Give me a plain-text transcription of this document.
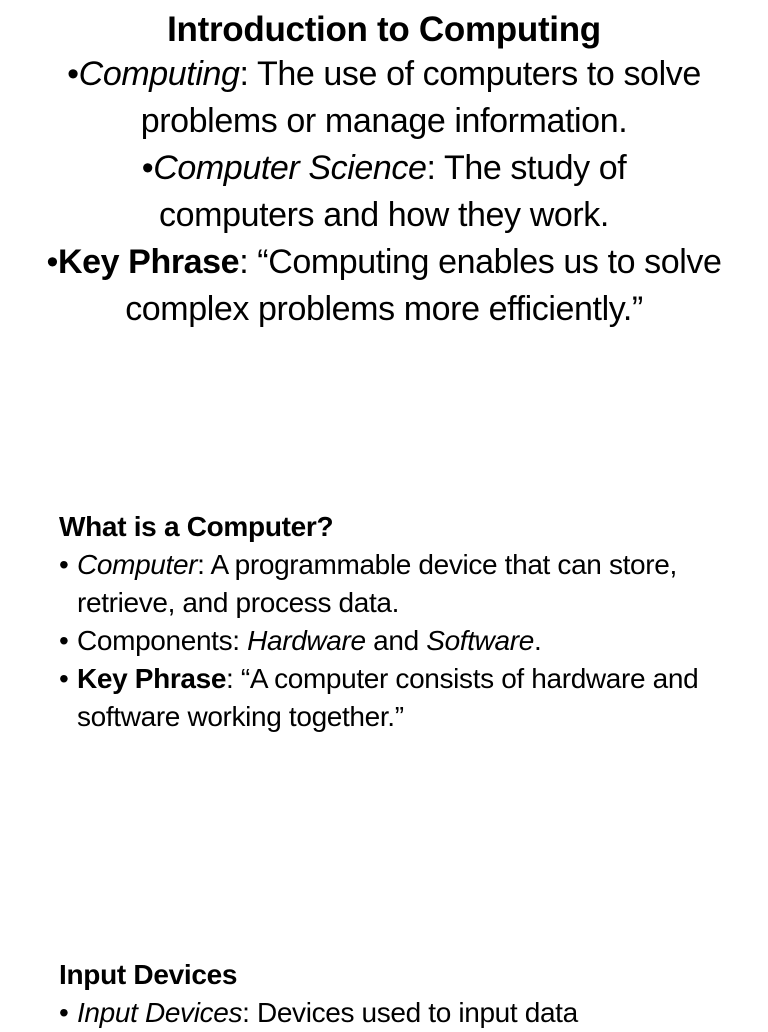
Introduction to Computing
•Computing: The use of computers to solve problems or manage information.
•Computer Science: The study of computers and how they work.
•Key Phrase: “Computing enables us to solve complex problems more efficiently.”
What is a Computer?
• Computer: A programmable device that can store, retrieve, and process data.
• Components: Hardware and Software.
• Key Phrase: “A computer consists of hardware and software working together.”
Input Devices
• Input Devices: Devices used to input data
